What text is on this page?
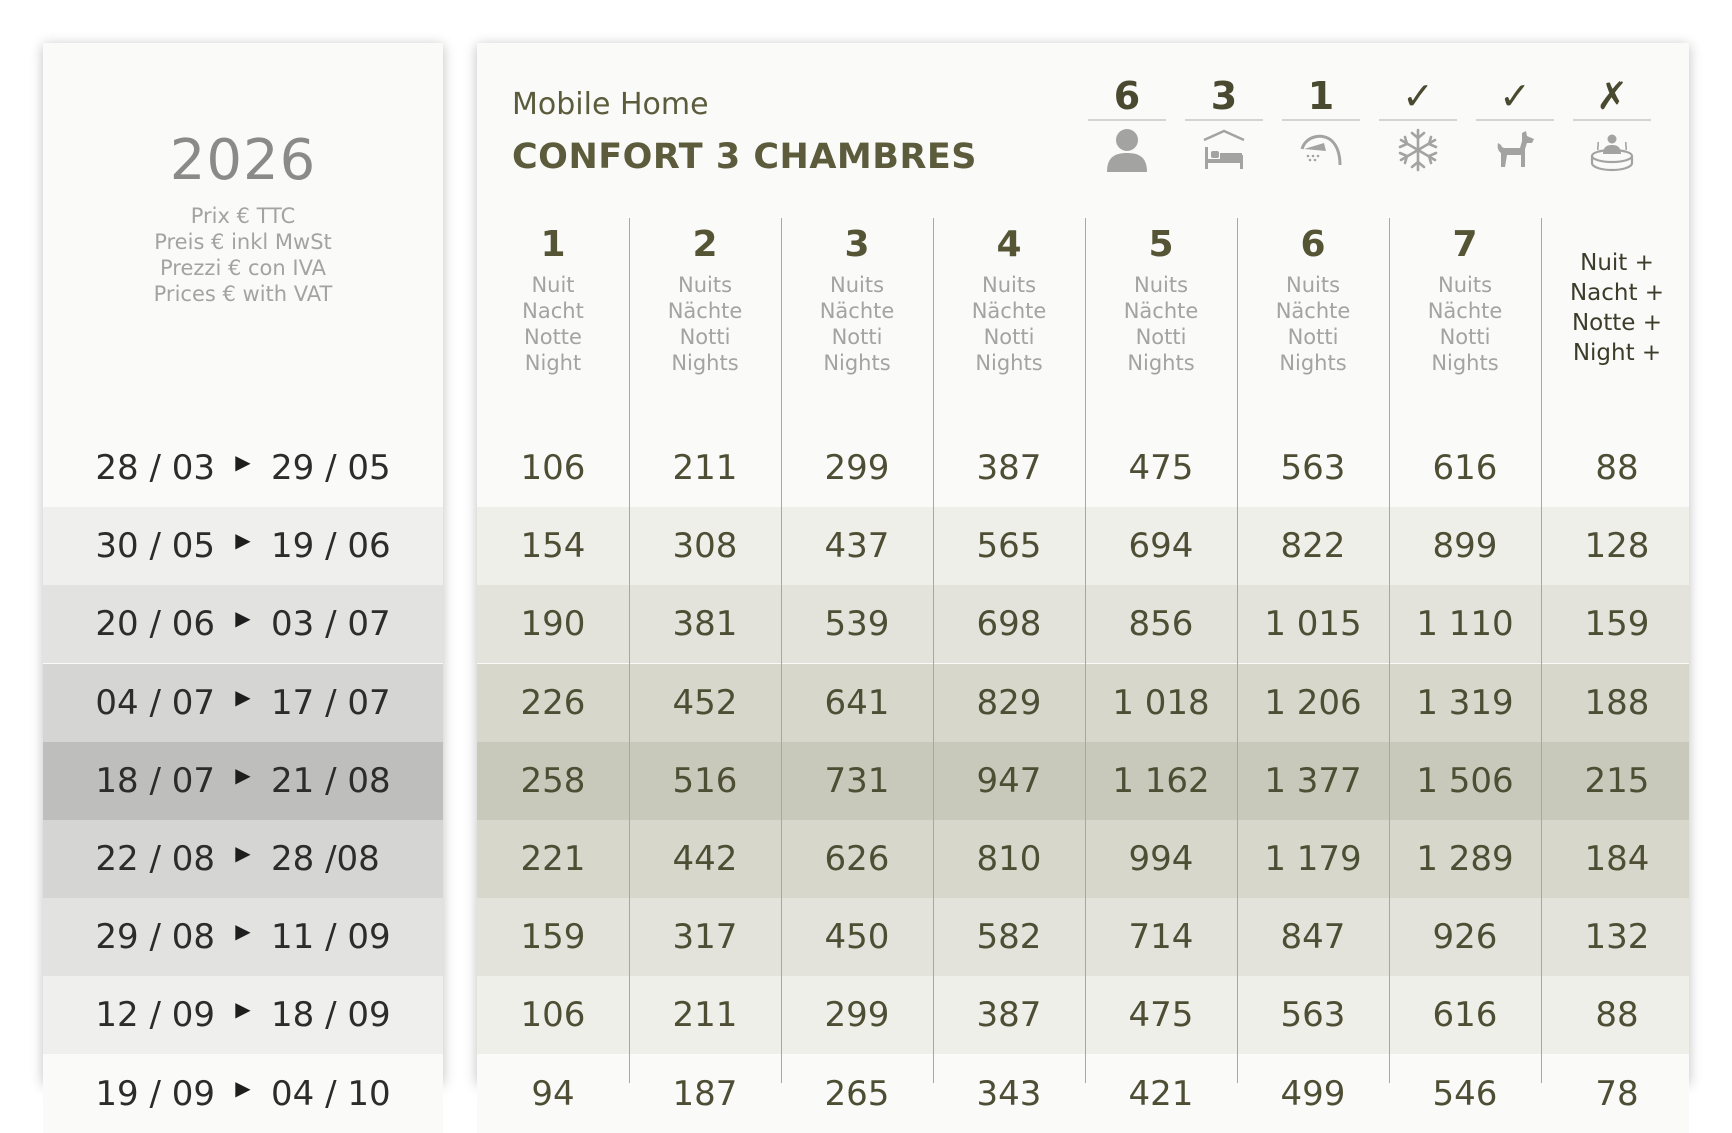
2026
Prix € TTC
Preis € inkl MwSt
Prezzi € con IVA
Prices € with VAT
28 / 03	▶ 29 / 05
30 / 05	▶ 19 / 06
20 / 06	▶ 03 / 07
04 / 07	▶ 17 / 07
18 / 07	▶ 21 / 08
22 / 08	▶ 28 /08
29 / 08	▶ 11 / 09
12 / 09	▶ 18 / 09
19 / 09	▶ 04 / 10
Mobile Home
CONFORT 3 CHAMBRES
6	3	1	✓	✓	✗
1
Nuit
Nacht
Notte
Night
2
Nuits
Nächte
Notti
Nights
3
Nuits
Nächte
Notti
Nights
4
Nuits
Nächte
Notti
Nights
5
Nuits
Nächte
Notti
Nights
6
Nuits
Nächte
Notti
Nights
7
Nuits
Nächte
Notti
Nights
Nuit +
Nacht +
Notte +
Night +
106	211	299	387	475	563	616	88
154	308	437	565	694	822	899	128
190	381	539	698	856	1 015	1 110	159
226	452	641	829	1 018	1 206	1 319	188
258	516	731	947	1 162	1 377	1 506	215
221	442	626	810	994	1 179	1 289	184
159	317	450	582	714	847	926	132
106	211	299	387	475	563	616	88
94	187	265	343	421	499	546	78
